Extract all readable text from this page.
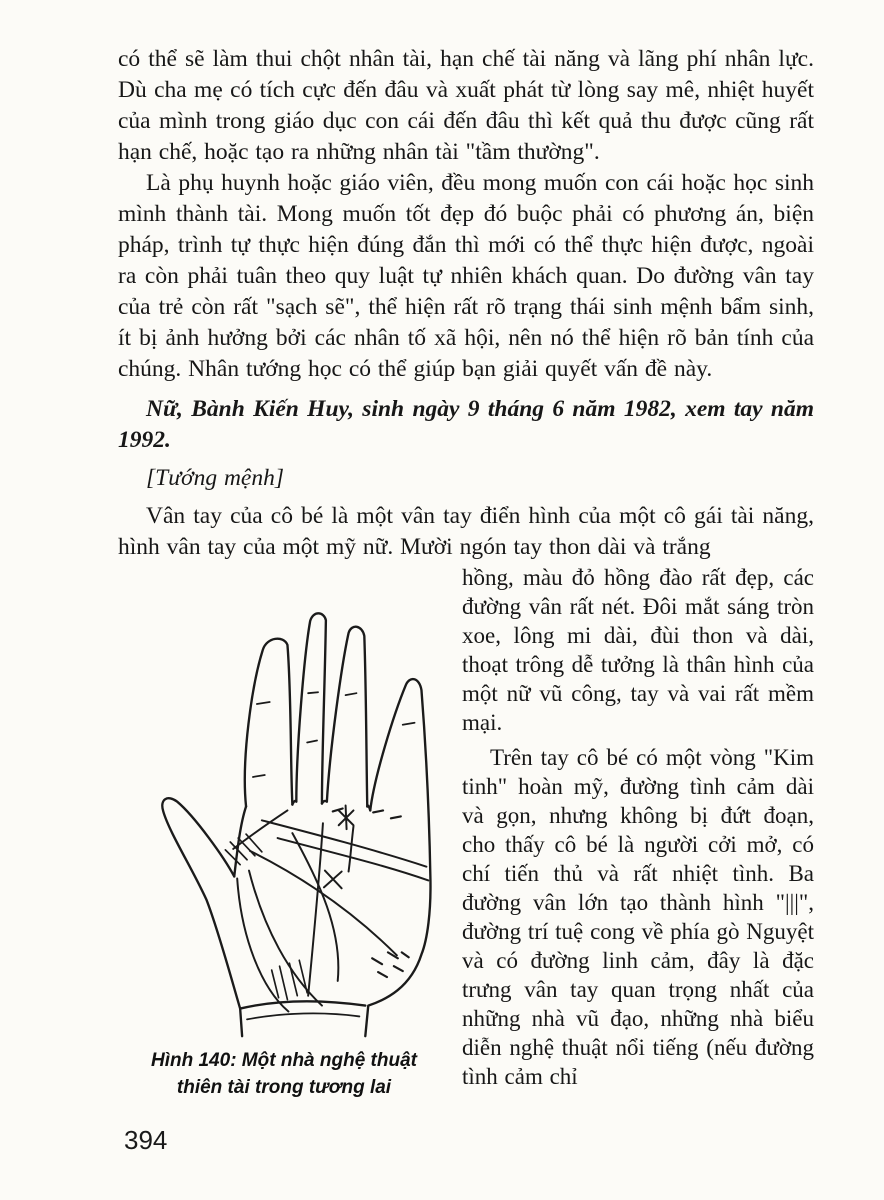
có thể sẽ làm thui chột nhân tài, hạn chế tài năng và lãng phí nhân lực. Dù cha mẹ có tích cực đến đâu và xuất phát từ lòng say mê, nhiệt huyết của mình trong giáo dục con cái đến đâu thì kết quả thu được cũng rất hạn chế, hoặc tạo ra những nhân tài "tầm thường".

Là phụ huynh hoặc giáo viên, đều mong muốn con cái hoặc học sinh mình thành tài. Mong muốn tốt đẹp đó buộc phải có phương án, biện pháp, trình tự thực hiện đúng đắn thì mới có thể thực hiện được, ngoài ra còn phải tuân theo quy luật tự nhiên khách quan. Do đường vân tay của trẻ còn rất "sạch sẽ", thể hiện rất rõ trạng thái sinh mệnh bẩm sinh, ít bị ảnh hưởng bởi các nhân tố xã hội, nên nó thể hiện rõ bản tính của chúng. Nhân tướng học có thể giúp bạn giải quyết vấn đề này.

Nữ, Bành Kiến Huy, sinh ngày 9 tháng 6 năm 1982, xem tay năm 1992.

[Tướng mệnh]

Vân tay của cô bé là một vân tay điển hình của một cô gái tài năng, hình vân tay của một mỹ nữ. Mười ngón tay thon dài và trắng

Hình 140: Một nhà nghệ thuật
thiên tài trong tương lai

hồng, màu đỏ hồng đào rất đẹp, các đường vân rất nét. Đôi mắt sáng tròn xoe, lông mi dài, đùi thon và dài, thoạt trông dễ tưởng là thân hình của một nữ vũ công, tay và vai rất mềm mại.

Trên tay cô bé có một vòng "Kim tinh" hoàn mỹ, đường tình cảm dài và gọn, nhưng không bị đứt đoạn, cho thấy cô bé là người cởi mở, có chí tiến thủ và rất nhiệt tình. Ba đường vân lớn tạo thành hình "|||", đường trí tuệ cong về phía gò Nguyệt và có đường linh cảm, đây là đặc trưng vân tay quan trọng nhất của những nhà vũ đạo, những nhà biểu diễn nghệ thuật nổi tiếng (nếu đường tình cảm chỉ

394
